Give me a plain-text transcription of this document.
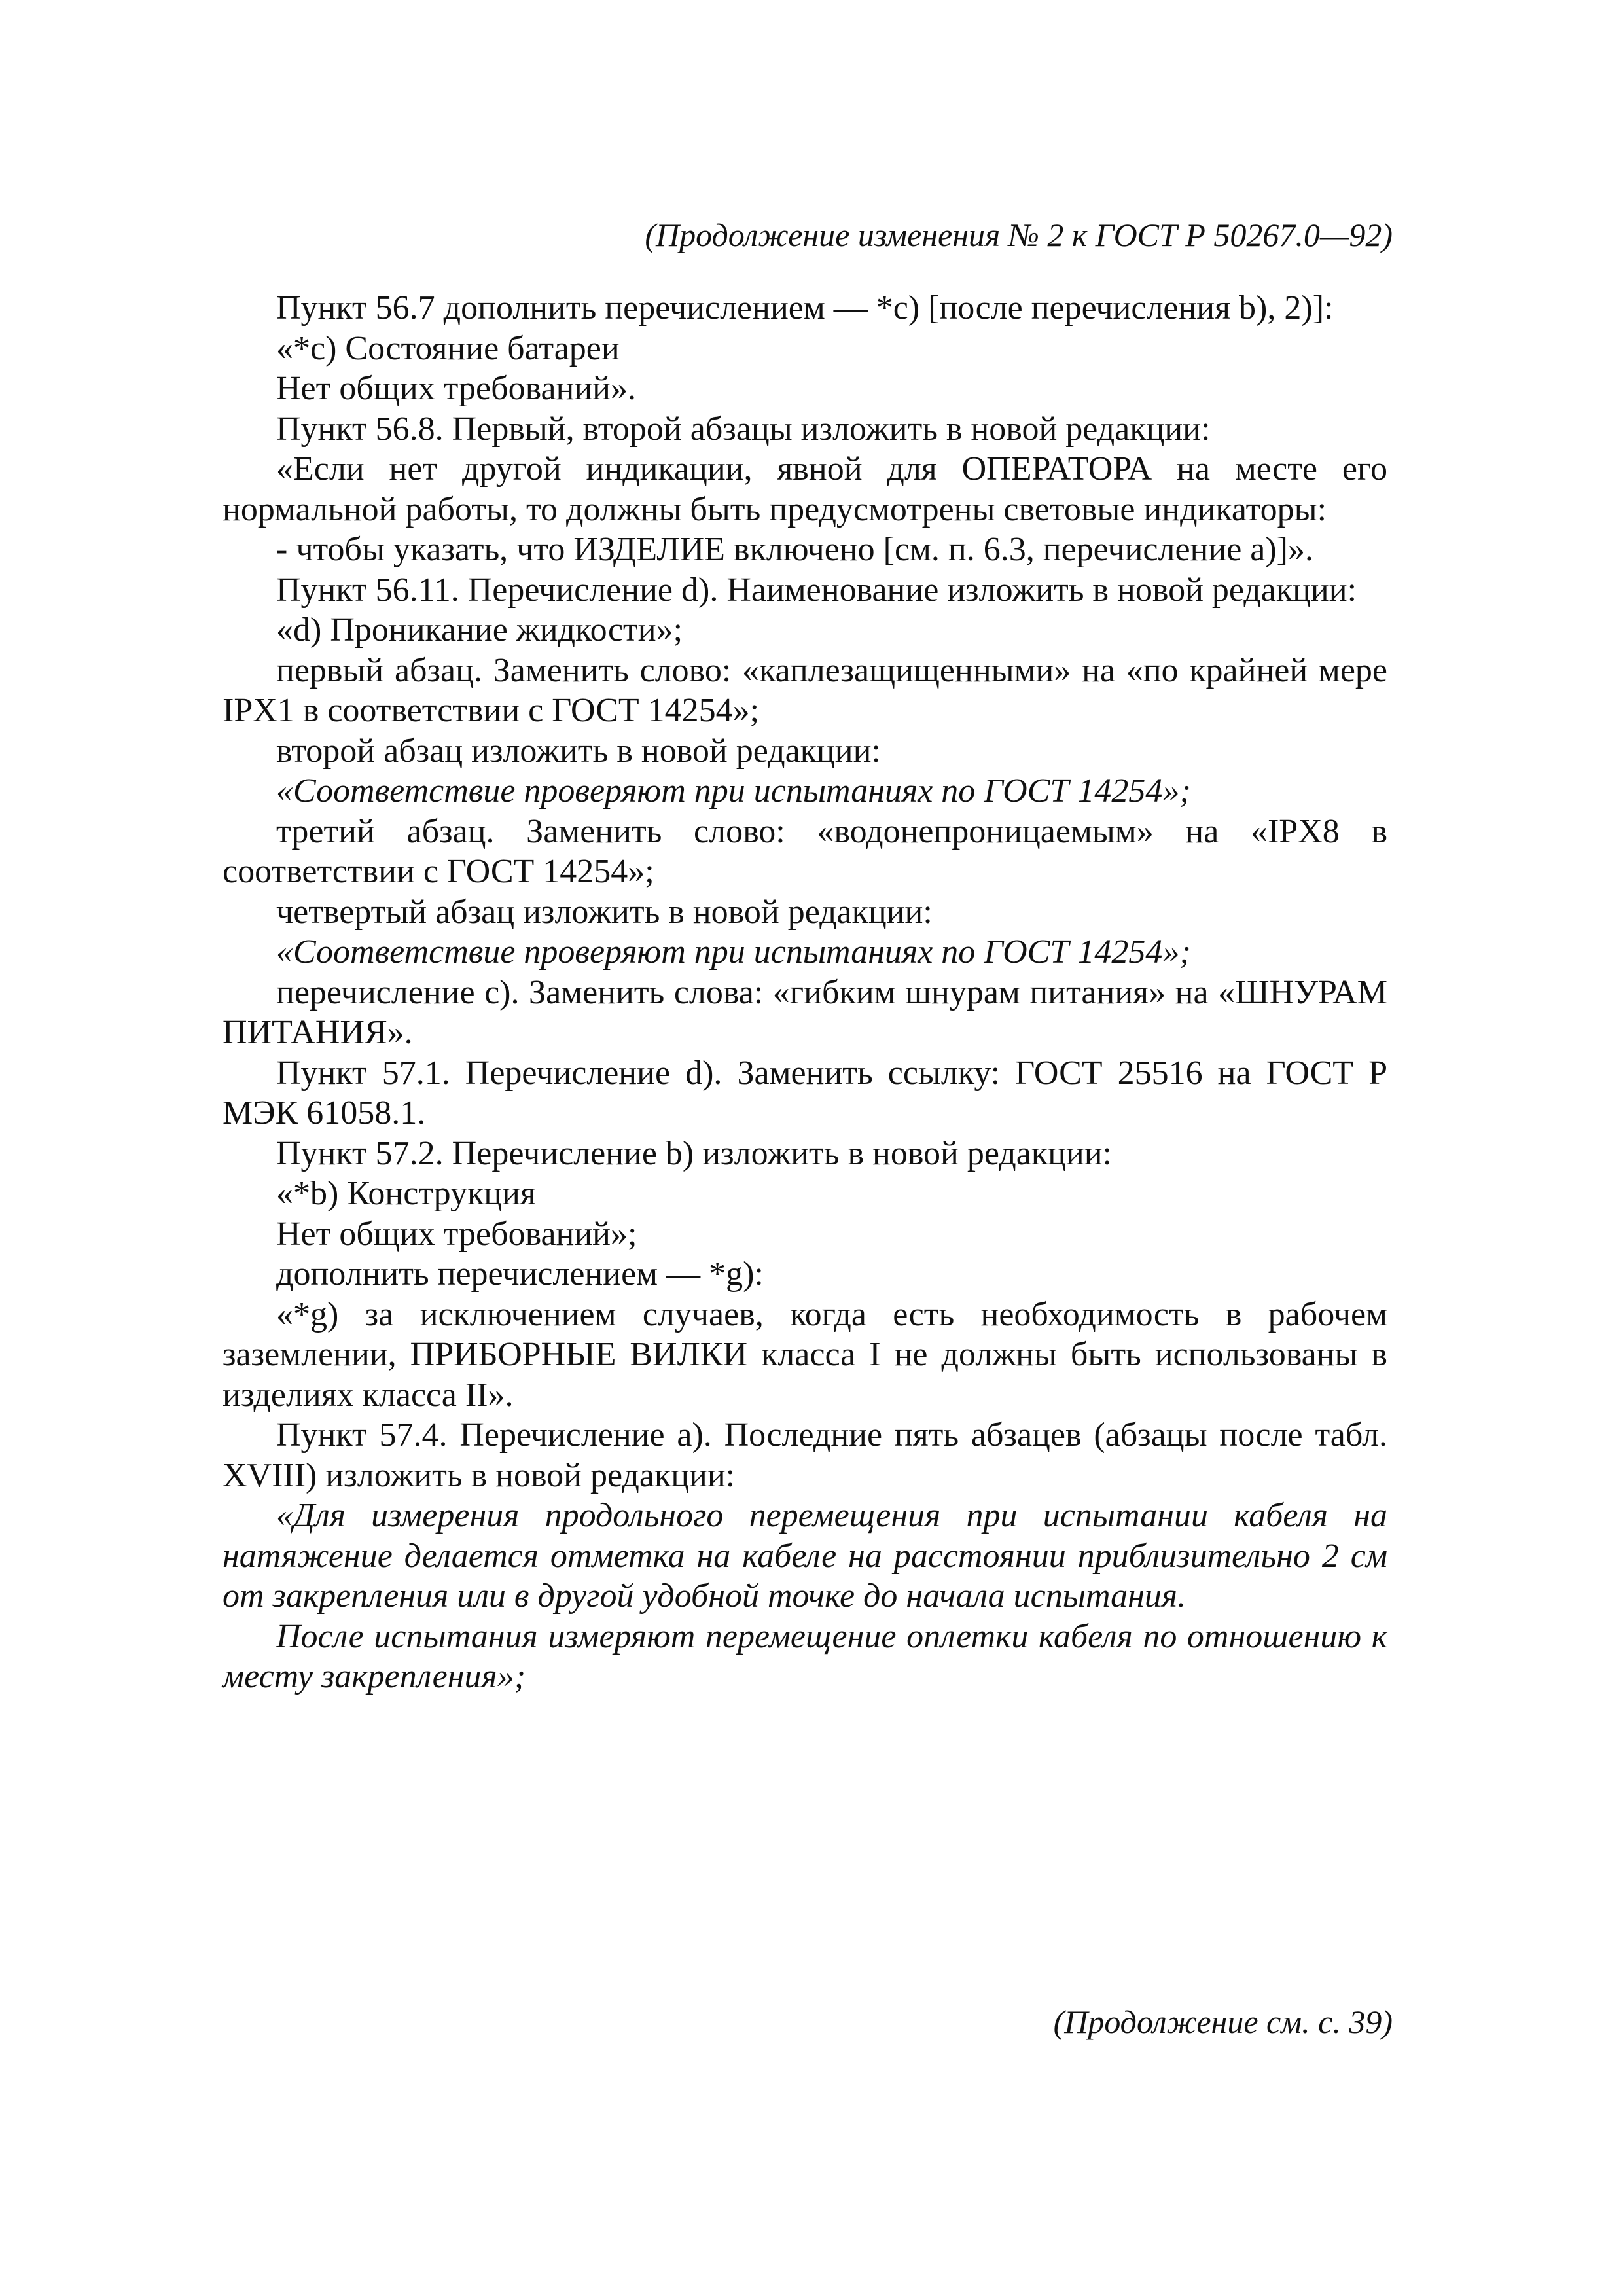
(Продолжение изменения № 2 к ГОСТ Р 50267.0—92)

Пункт 56.7 дополнить перечислением — *с) [после перечисления b), 2)]:

«*с) Состояние батареи

Нет общих требований».

Пункт 56.8. Первый, второй абзацы изложить в новой редакции:

«Если нет другой индикации, явной для ОПЕРАТОРА на месте его нормальной работы, то должны быть предусмотрены световые индикаторы:

- чтобы указать, что ИЗДЕЛИЕ включено [см. п. 6.3, перечисление а)]».

Пункт 56.11. Перечисление d). Наименование изложить в новой редакции:

«d) Проникание жидкости»;

первый абзац. Заменить слово: «каплезащищенными» на «по крайней мере IPX1 в соответствии с ГОСТ 14254»;

второй абзац изложить в новой редакции:

«Соответствие проверяют при испытаниях по ГОСТ 14254»;

третий абзац. Заменить слово: «водонепроницаемым» на «IPX8 в соответствии с ГОСТ 14254»;

четвертый абзац изложить в новой редакции:

«Соответствие проверяют при испытаниях по ГОСТ 14254»;

перечисление с). Заменить слова: «гибким шнурам питания» на «ШНУРАМ ПИТАНИЯ».

Пункт 57.1. Перечисление d). Заменить ссылку: ГОСТ 25516 на ГОСТ Р МЭК 61058.1.

Пункт 57.2. Перечисление b) изложить в новой редакции:

«*b) Конструкция

Нет общих требований»;

дополнить перечислением — *g):

«*g) за исключением случаев, когда есть необходимость в рабочем заземлении, ПРИБОРНЫЕ ВИЛКИ класса I не должны быть использованы в изделиях класса II».

Пункт 57.4. Перечисление а). Последние пять абзацев (абзацы после табл. XVIII) изложить в новой редакции:

«Для измерения продольного перемещения при испытании кабеля на натяжение делается отметка на кабеле на расстоянии приблизительно 2 см от закрепления или в другой удобной точке до начала испытания.

После испытания измеряют перемещение оплетки кабеля по отношению к месту закрепления»;

(Продолжение см. с. 39)
